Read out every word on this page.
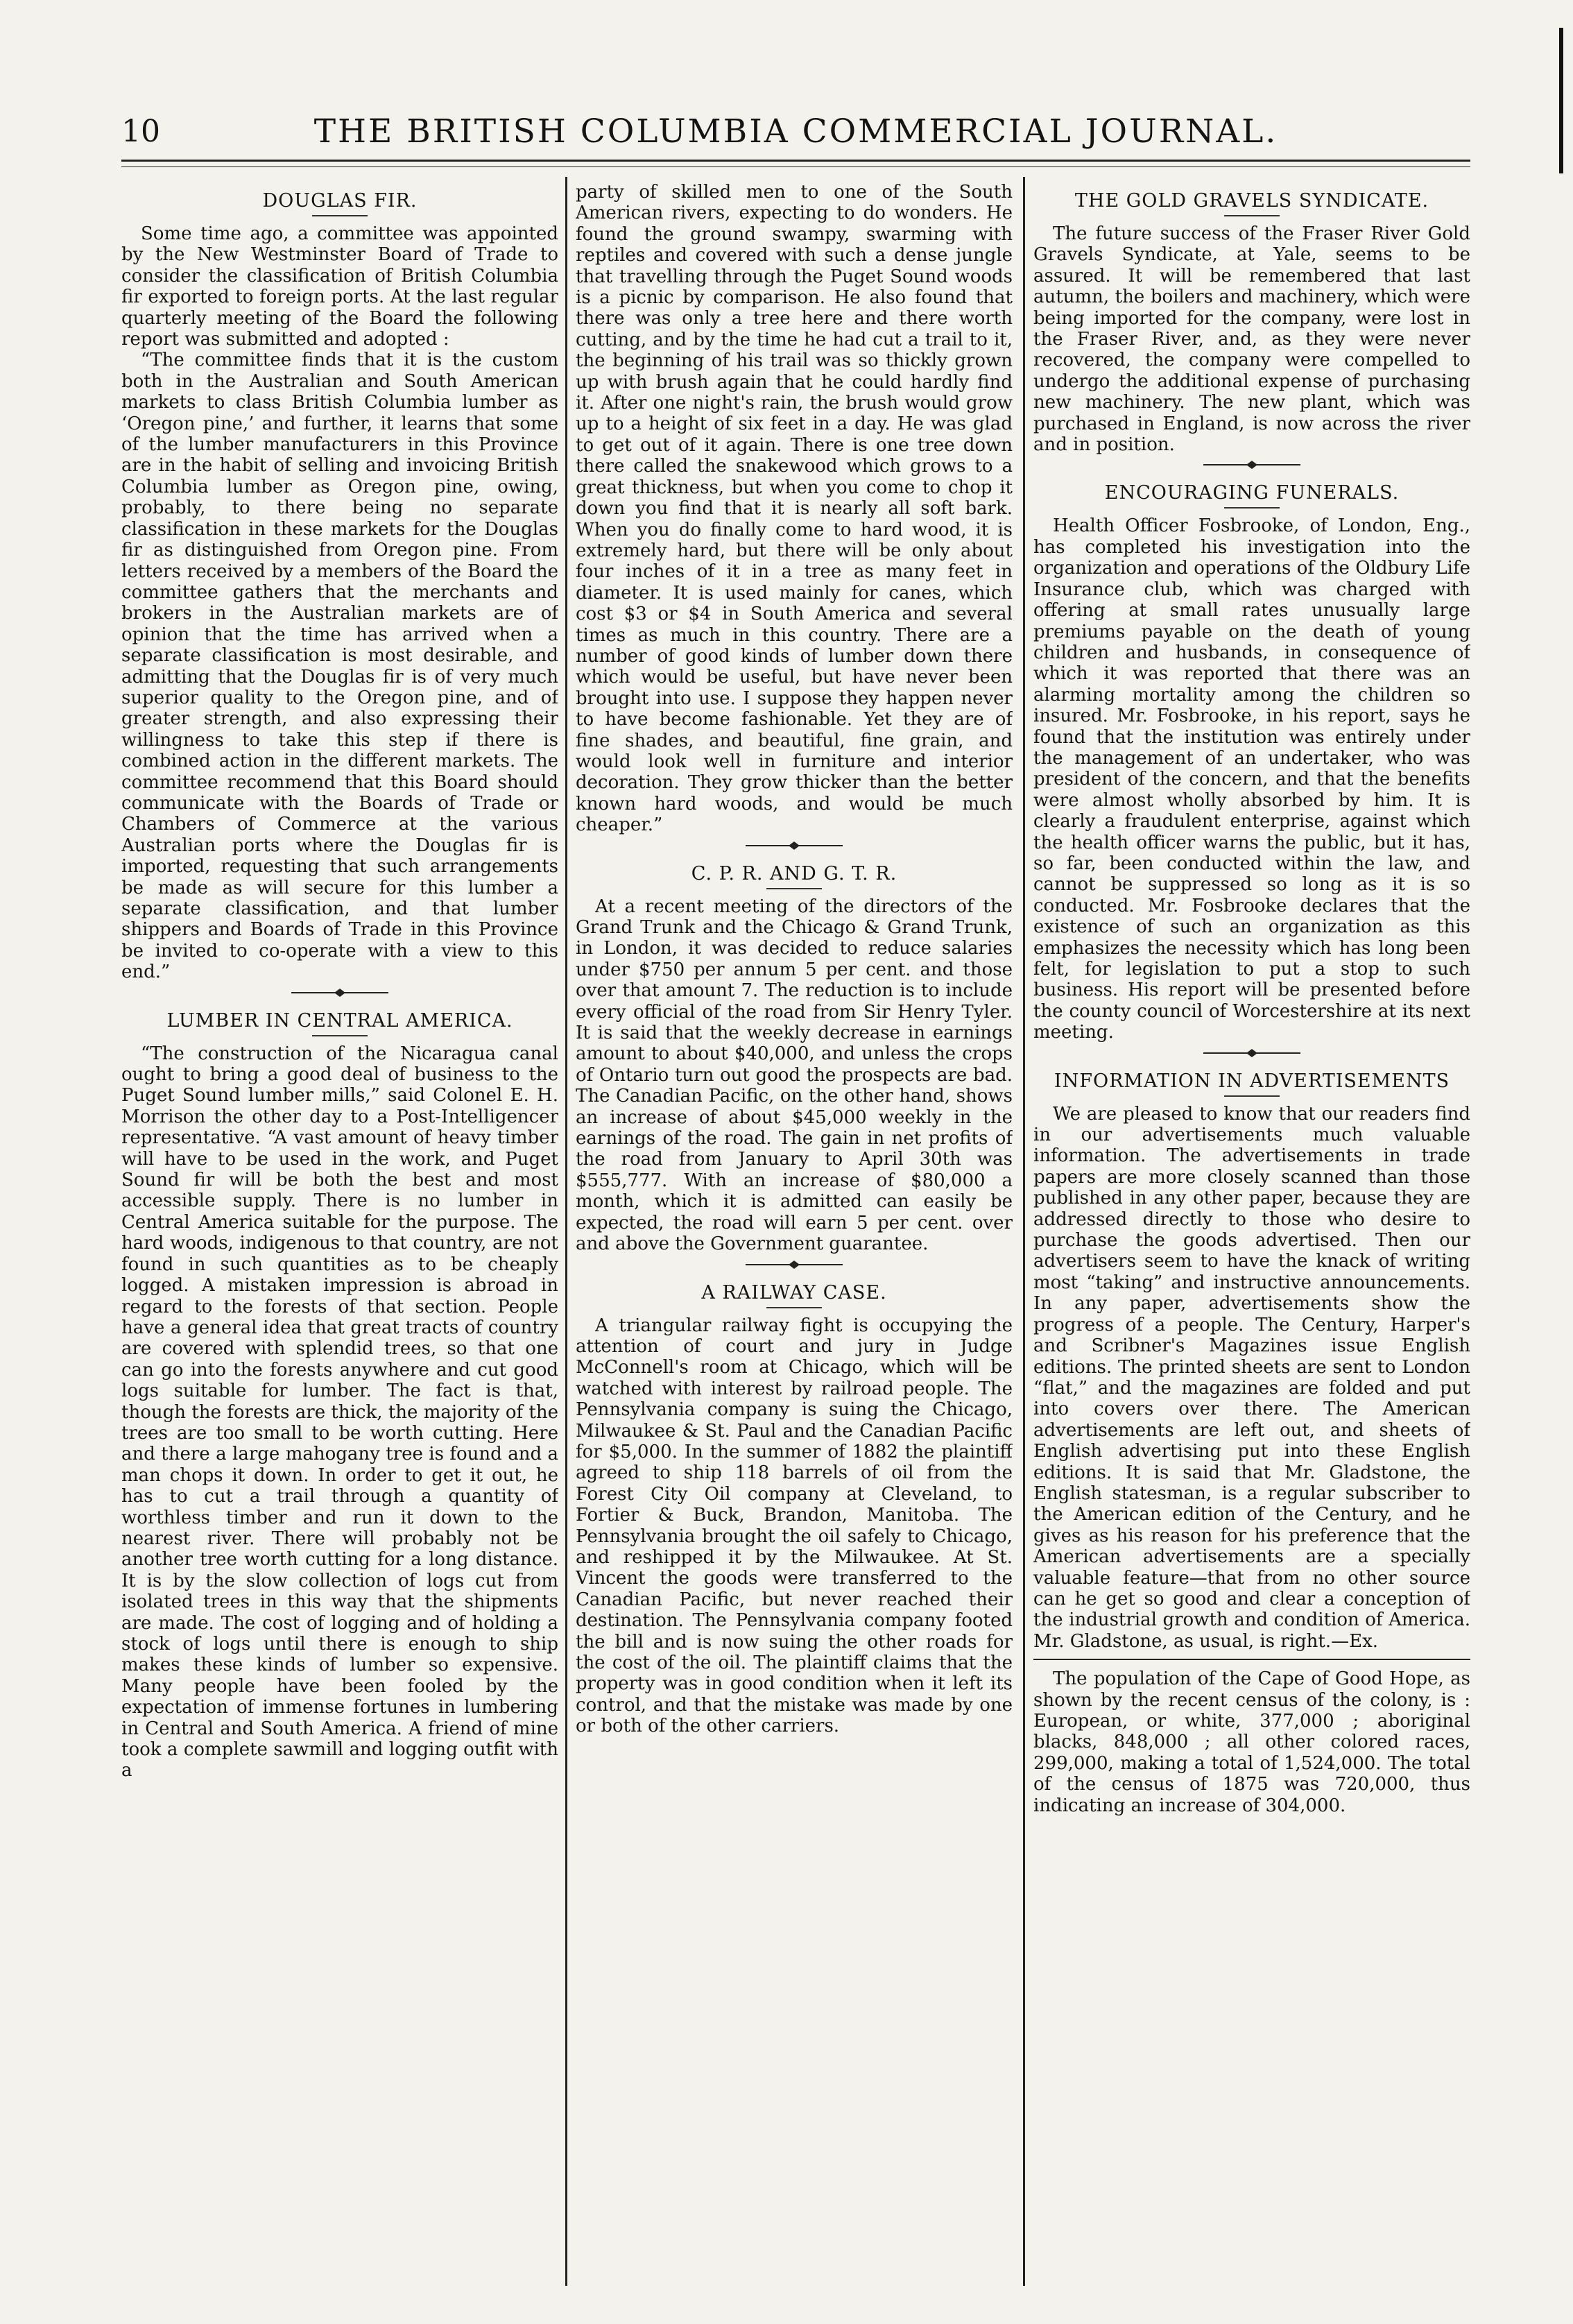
10	THE BRITISH COLUMBIA COMMERCIAL JOURNAL.
DOUGLAS FIR.

Some time ago, a committee was appointed by the New Westminster Board of Trade to consider the classification of British Columbia fir exported to foreign ports. At the last regular quarterly meeting of the Board the following report was submitted and adopted :

“The committee finds that it is the custom both in the Australian and South American markets to class British Columbia lumber as ‘Oregon pine,’ and further, it learns that some of the lumber manufacturers in this Province are in the habit of selling and invoicing British Columbia lumber as Oregon pine, owing, probably, to there being no separate classification in these markets for the Douglas fir as distinguished from Oregon pine. From letters received by a members of the Board the committee gathers that the merchants and brokers in the Australian markets are of opinion that the time has arrived when a separate classification is most desirable, and admitting that the Douglas fir is of very much superior quality to the Oregon pine, and of greater strength, and also expressing their willingness to take this step if there is combined action in the different markets. The committee recommend that this Board should communicate with the Boards of Trade or Chambers of Commerce at the various Australian ports where the Douglas fir is imported, requesting that such arrangements be made as will secure for this lumber a separate classification, and that lumber shippers and Boards of Trade in this Province be invited to co-operate with a view to this end.”

LUMBER IN CENTRAL AMERICA.

“The construction of the Nicaragua canal ought to bring a good deal of business to the Puget Sound lumber mills,” said Colonel E. H. Morrison the other day to a Post-Intelligencer representative. “A vast amount of heavy timber will have to be used in the work, and Puget Sound fir will be both the best and most accessible supply. There is no lumber in Central America suitable for the purpose. The hard woods, indigenous to that country, are not found in such quantities as to be cheaply logged. A mistaken impression is abroad in regard to the forests of that section. People have a general idea that great tracts of country are covered with splendid trees, so that one can go into the forests anywhere and cut good logs suitable for lumber. The fact is that, though the forests are thick, the majority of the trees are too small to be worth cutting. Here and there a large mahogany tree is found and a man chops it down. In order to get it out, he has to cut a trail through a quantity of worthless timber and run it down to the nearest river. There will probably not be another tree worth cutting for a long distance. It is by the slow collection of logs cut from isolated trees in this way that the shipments are made. The cost of logging and of holding a stock of logs until there is enough to ship makes these kinds of lumber so expensive. Many people have been fooled by the expectation of immense fortunes in lumbering in Central and South America. A friend of mine took a complete sawmill and logging outfit with a

party of skilled men to one of the South American rivers, expecting to do wonders. He found the ground swampy, swarming with reptiles and covered with such a dense jungle that travelling through the Puget Sound woods is a picnic by comparison. He also found that there was only a tree here and there worth cutting, and by the time he had cut a trail to it, the beginning of his trail was so thickly grown up with brush again that he could hardly find it. After one night's rain, the brush would grow up to a height of six feet in a day. He was glad to get out of it again. There is one tree down there called the snakewood which grows to a great thickness, but when you come to chop it down you find that it is nearly all soft bark. When you do finally come to hard wood, it is extremely hard, but there will be only about four inches of it in a tree as many feet in diameter. It is used mainly for canes, which cost $3 or $4 in South America and several times as much in this country. There are a number of good kinds of lumber down there which would be useful, but have never been brought into use. I suppose they happen never to have become fashionable. Yet they are of fine shades, and beautiful, fine grain, and would look well in furniture and interior decoration. They grow thicker than the better known hard woods, and would be much cheaper.”

C. P. R. AND G. T. R.

At a recent meeting of the directors of the Grand Trunk and the Chicago & Grand Trunk, in London, it was decided to reduce salaries under $750 per annum 5 per cent. and those over that amount 7. The reduction is to include every official of the road from Sir Henry Tyler. It is said that the weekly decrease in earnings amount to about $40,000, and unless the crops of Ontario turn out good the prospects are bad. The Canadian Pacific, on the other hand, shows an increase of about $45,000 weekly in the earnings of the road. The gain in net profits of the road from January to April 30th was $555,777. With an increase of $80,000 a month, which it is admitted can easily be expected, the road will earn 5 per cent. over and above the Government guarantee.

A RAILWAY CASE.

A triangular railway fight is occupying the attention of court and jury in Judge McConnell's room at Chicago, which will be watched with interest by railroad people. The Pennsylvania company is suing the Chicago, Milwaukee & St. Paul and the Canadian Pacific for $5,000. In the summer of 1882 the plaintiff agreed to ship 118 barrels of oil from the Forest City Oil company at Cleveland, to Fortier & Buck, Brandon, Manitoba. The Pennsylvania brought the oil safely to Chicago, and reshipped it by the Milwaukee. At St. Vincent the goods were transferred to the Canadian Pacific, but never reached their destination. The Pennsylvania company footed the bill and is now suing the other roads for the cost of the oil. The plaintiff claims that the property was in good condition when it left its control, and that the mistake was made by one or both of the other carriers.

THE GOLD GRAVELS SYNDICATE.

The future success of the Fraser River Gold Gravels Syndicate, at Yale, seems to be assured. It will be remembered that last autumn, the boilers and machinery, which were being imported for the company, were lost in the Fraser River, and, as they were never recovered, the company were compelled to undergo the additional expense of purchasing new machinery. The new plant, which was purchased in England, is now across the river and in position.

ENCOURAGING FUNERALS.

Health Officer Fosbrooke, of London, Eng., has completed his investigation into the organization and operations of the Oldbury Life Insurance club, which was charged with offering at small rates unusually large premiums payable on the death of young children and husbands, in consequence of which it was reported that there was an alarming mortality among the children so insured. Mr. Fosbrooke, in his report, says he found that the institution was entirely under the management of an undertaker, who was president of the concern, and that the benefits were almost wholly absorbed by him. It is clearly a fraudulent enterprise, against which the health officer warns the public, but it has, so far, been conducted within the law, and cannot be suppressed so long as it is so conducted. Mr. Fosbrooke declares that the existence of such an organization as this emphasizes the necessity which has long been felt, for legislation to put a stop to such business. His report will be presented before the county council of Worcestershire at its next meeting.

INFORMATION IN ADVERTISEMENTS

We are pleased to know that our readers find in our advertisements much valuable information. The advertisements in trade papers are more closely scanned than those published in any other paper, because they are addressed directly to those who desire to purchase the goods advertised. Then our advertisers seem to have the knack of writing most “taking” and instructive announcements. In any paper, advertisements show the progress of a people. The Century, Harper's and Scribner's Magazines issue English editions. The printed sheets are sent to London “flat,” and the magazines are folded and put into covers over there. The American advertisements are left out, and sheets of English advertising put into these English editions. It is said that Mr. Gladstone, the English statesman, is a regular subscriber to the American edition of the Century, and he gives as his reason for his preference that the American advertisements are a specially valuable feature—that from no other source can he get so good and clear a conception of the industrial growth and condition of America. Mr. Gladstone, as usual, is right.—Ex.

The population of the Cape of Good Hope, as shown by the recent census of the colony, is : European, or white, 377,000 ; aboriginal blacks, 848,000 ; all other colored races, 299,000, making a total of 1,524,000. The total of the census of 1875 was 720,000, thus indicating an increase of 304,000.
